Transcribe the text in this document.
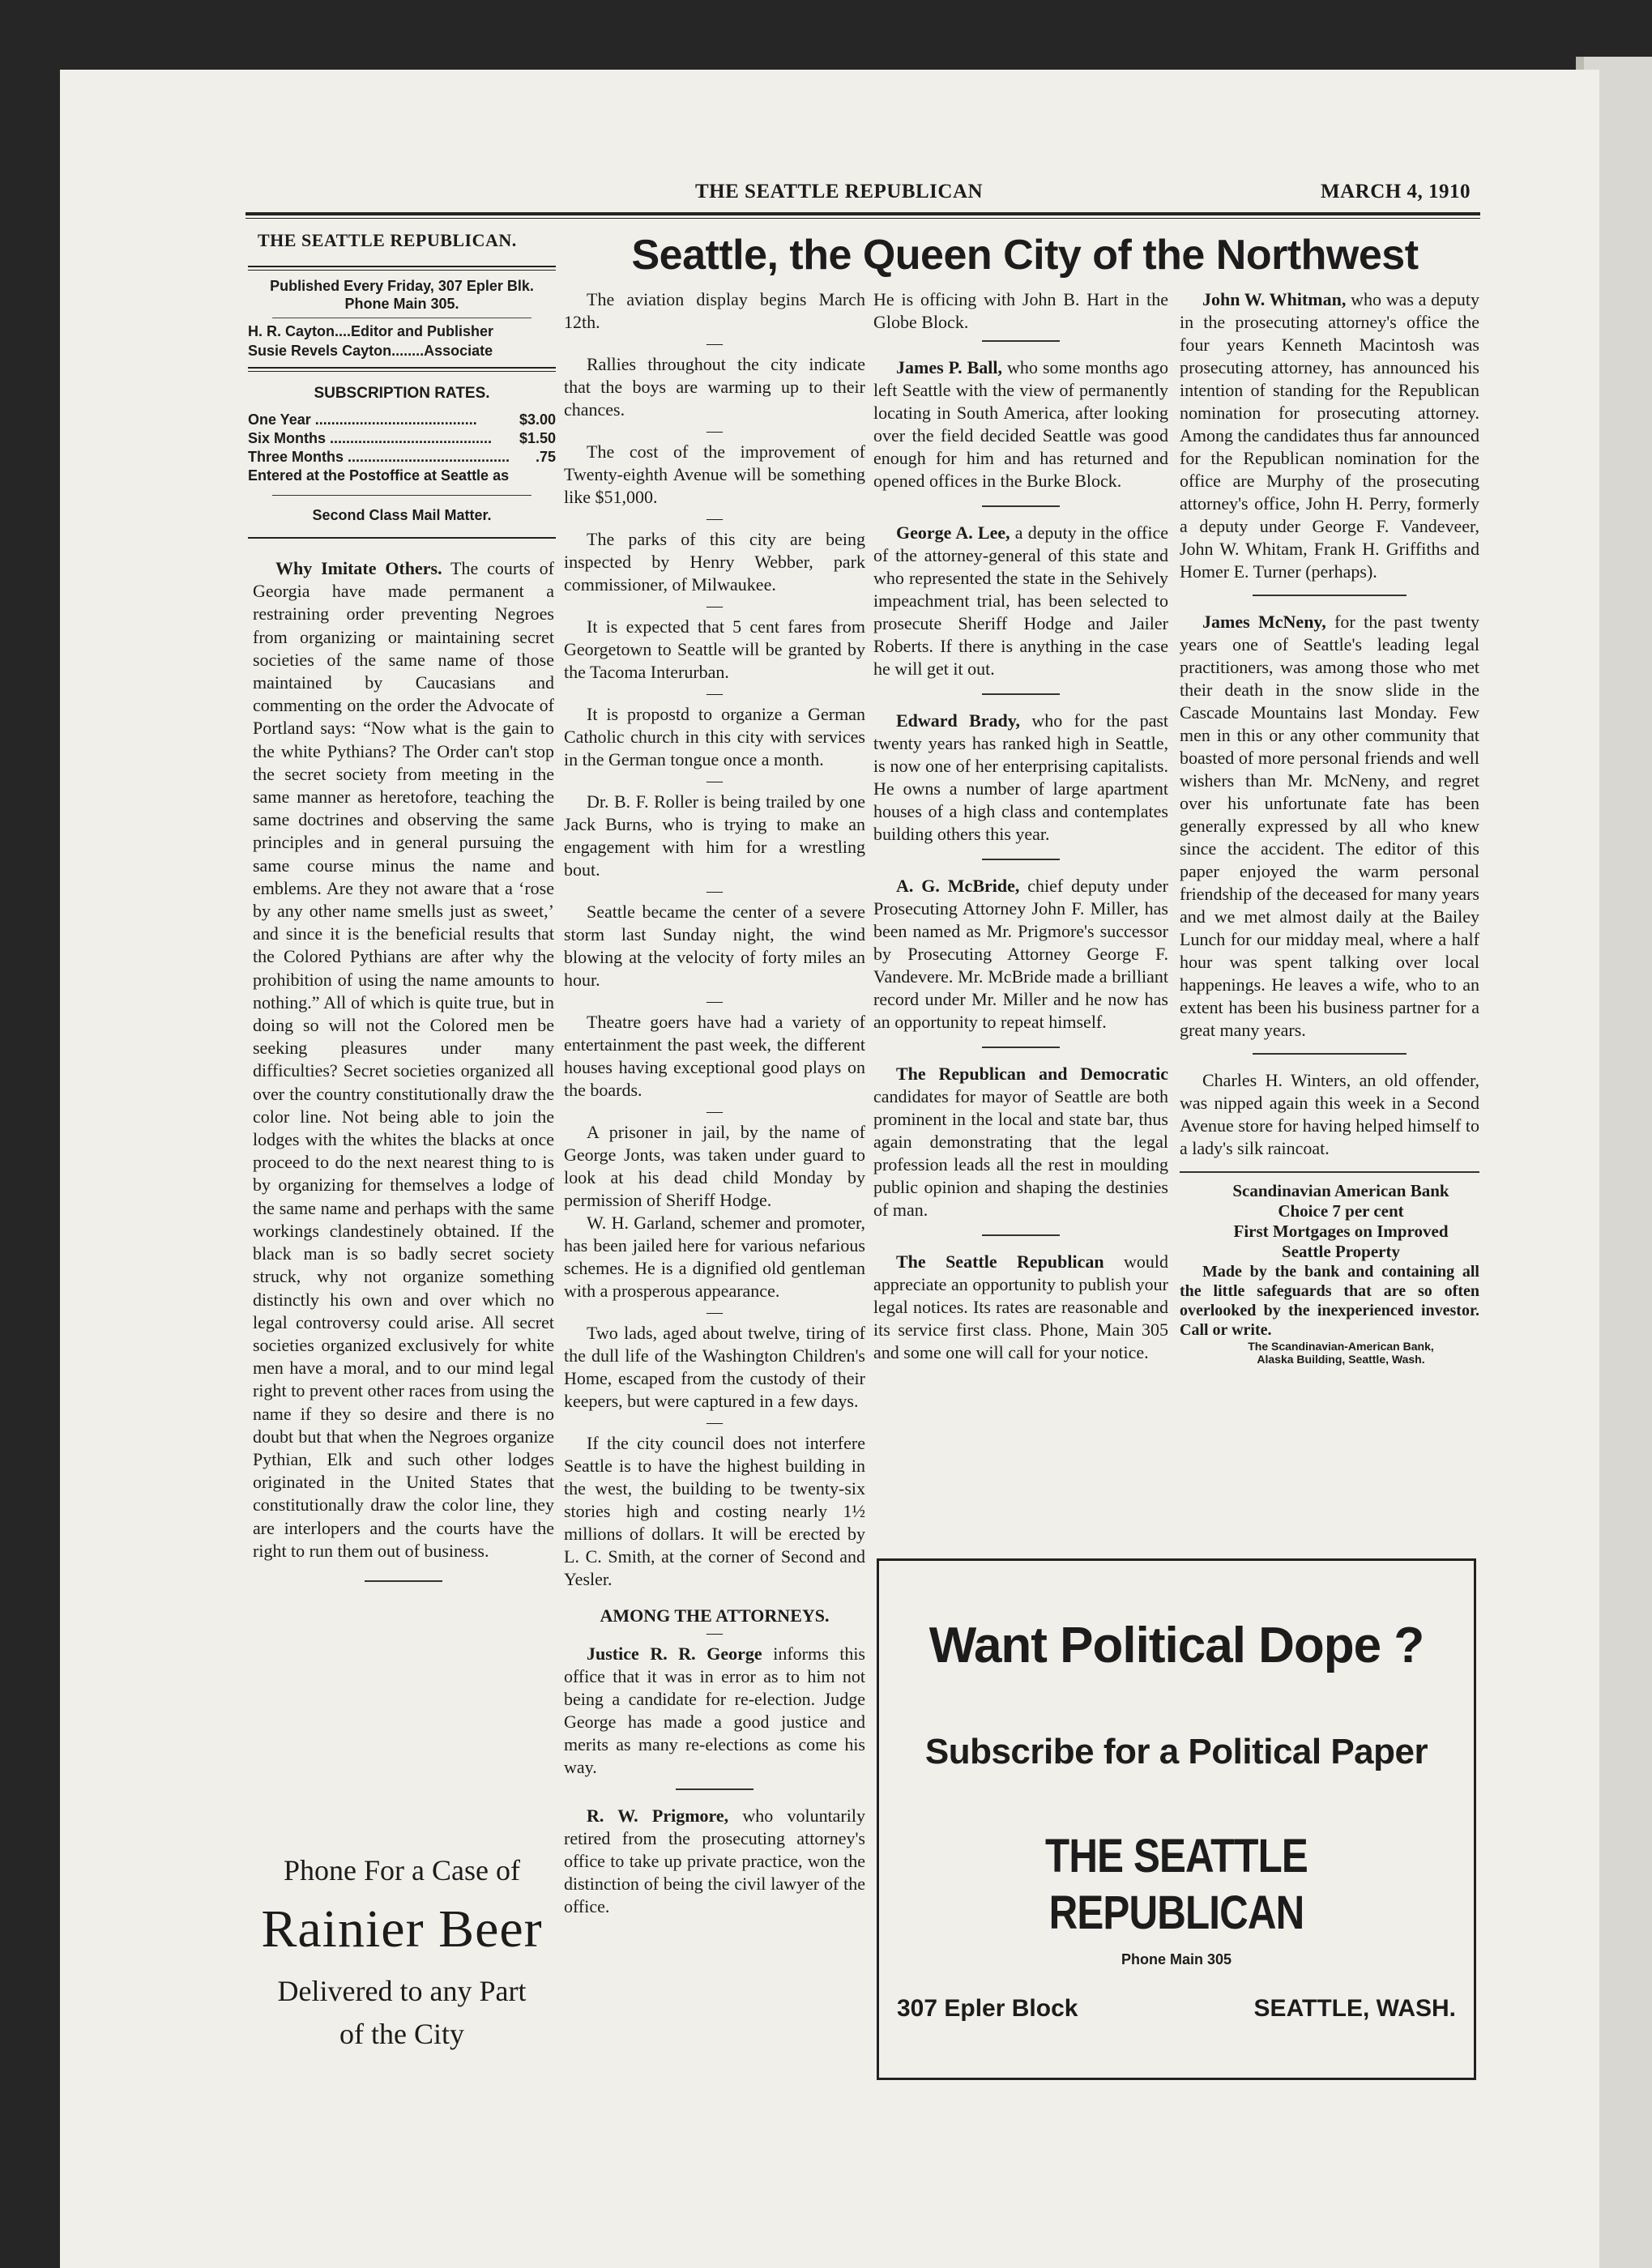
THE SEATTLE REPUBLICAN	MARCH 4, 1910
Seattle, the Queen City of the Northwest
THE SEATTLE REPUBLICAN.
Published Every Friday, 307 Epler Blk.
Phone Main 305.
H. R. Cayton....Editor and Publisher
Susie Revels Cayton........Associate
SUBSCRIPTION RATES.
One Year ........................................	$3.00
Six Months ........................................	$1.50
Three Months ........................................	.75
Entered at the Postoffice at Seattle as
Second Class Mail Matter.

Why Imitate Others. The courts of Georgia have made permanent a restraining order preventing Negroes from organizing or maintaining secret societies of the same name of those maintained by Caucasians and commenting on the order the Advocate of Portland says: “Now what is the gain to the white Pythians? The Order can't stop the secret society from meeting in the same manner as heretofore, teaching the same doctrines and observing the same principles and in general pursuing the same course minus the name and emblems. Are they not aware that a ‘rose by any other name smells just as sweet,’ and since it is the beneficial results that the Colored Pythians are after why the prohibition of using the name amounts to nothing.” All of which is quite true, but in doing so will not the Colored men be seeking pleasures under many difficulties? Secret societies organized all over the country constitutionally draw the color line. Not being able to join the lodges with the whites the blacks at once proceed to do the next nearest thing to is by organizing for themselves a lodge of the same name and perhaps with the same workings clandestinely obtained. If the black man is so badly secret society struck, why not organize something distinctly his own and over which no legal controversy could arise. All secret societies organized exclusively for white men have a moral, and to our mind legal right to prevent other races from using the name if they so desire and there is no doubt but that when the Negroes organize Pythian, Elk and such other lodges originated in the United States that constitutionally draw the color line, they are interlopers and the courts have the right to run them out of business.

Phone For a Case of
Rainier Beer
Delivered to any Part
of the City

The aviation display begins March 12th.

—

Rallies throughout the city indicate that the boys are warming up to their chances.

—

The cost of the improvement of Twenty-eighth Avenue will be something like $51,000.

—

The parks of this city are being inspected by Henry Webber, park commissioner, of Milwaukee.

—

It is expected that 5 cent fares from Georgetown to Seattle will be granted by the Tacoma Interurban.

—

It is propostd to organize a German Catholic church in this city with services in the German tongue once a month.

—

Dr. B. F. Roller is being trailed by one Jack Burns, who is trying to make an engagement with him for a wrestling bout.

—

Seattle became the center of a severe storm last Sunday night, the wind blowing at the velocity of forty miles an hour.

—

Theatre goers have had a variety of entertainment the past week, the different houses having exceptional good plays on the boards.

—

A prisoner in jail, by the name of George Jonts, was taken under guard to look at his dead child Monday by permission of Sheriff Hodge.

W. H. Garland, schemer and promoter, has been jailed here for various nefarious schemes. He is a dignified old gentleman with a prosperous appearance.

—

Two lads, aged about twelve, tiring of the dull life of the Washington Children's Home, escaped from the custody of their keepers, but were captured in a few days.

—

If the city council does not interfere Seattle is to have the highest building in the west, the building to be twenty-six stories high and costing nearly 1½ millions of dollars. It will be erected by L. C. Smith, at the corner of Second and Yesler.

AMONG THE ATTORNEYS.
—

Justice R. R. George informs this office that it was in error as to him not being a candidate for re-election. Judge George has made a good justice and merits as many re-elections as come his way.

R. W. Prigmore, who voluntarily retired from the prosecuting attorney's office to take up private practice, won the distinction of being the civil lawyer of the office.

He is officing with John B. Hart in the Globe Block.

James P. Ball, who some months ago left Seattle with the view of permanently locating in South America, after looking over the field decided Seattle was good enough for him and has returned and opened offices in the Burke Block.

George A. Lee, a deputy in the office of the attorney-general of this state and who represented the state in the Sehively impeachment trial, has been selected to prosecute Sheriff Hodge and Jailer Roberts. If there is anything in the case he will get it out.

Edward Brady, who for the past twenty years has ranked high in Seattle, is now one of her enterprising capitalists. He owns a number of large apartment houses of a high class and contemplates building others this year.

A. G. McBride, chief deputy under Prosecuting Attorney John F. Miller, has been named as Mr. Prigmore's successor by Prosecuting Attorney George F. Vandevere. Mr. McBride made a brilliant record under Mr. Miller and he now has an opportunity to repeat himself.

The Republican and Democratic candidates for mayor of Seattle are both prominent in the local and state bar, thus again demonstrating that the legal profession leads all the rest in moulding public opinion and shaping the destinies of man.

The Seattle Republican would appreciate an opportunity to publish your legal notices. Its rates are reasonable and its service first class. Phone, Main 305 and some one will call for your notice.

John W. Whitman, who was a deputy in the prosecuting attorney's office the four years Kenneth Macintosh was prosecuting attorney, has announced his intention of standing for the Republican nomination for prosecuting attorney. Among the candidates thus far announced for the Republican nomination for the office are Murphy of the prosecuting attorney's office, John H. Perry, formerly a deputy under George F. Vandeveer, John W. Whitam, Frank H. Griffiths and Homer E. Turner (perhaps).

James McNeny, for the past twenty years one of Seattle's leading legal practitioners, was among those who met their death in the snow slide in the Cascade Mountains last Monday. Few men in this or any other community that boasted of more personal friends and well wishers than Mr. McNeny, and regret over his unfortunate fate has been generally expressed by all who knew since the accident. The editor of this paper enjoyed the warm personal friendship of the deceased for many years and we met almost daily at the Bailey Lunch for our midday meal, where a half hour was spent talking over local happenings. He leaves a wife, who to an extent has been his business partner for a great many years.

Charles H. Winters, an old offender, was nipped again this week in a Second Avenue store for having helped himself to a lady's silk raincoat.

Scandinavian American Bank

Choice 7 per cent

First Mortgages on Improved

Seattle Property

Made by the bank and containing all the little safeguards that are so often overlooked by the inexperienced investor. Call or write.

The Scandinavian-American Bank,

Alaska Building, Seattle, Wash.

Want Political Dope ?
Subscribe for a Political Paper
THE SEATTLE REPUBLICAN
Phone Main 305
307 Epler Block	SEATTLE, WASH.
